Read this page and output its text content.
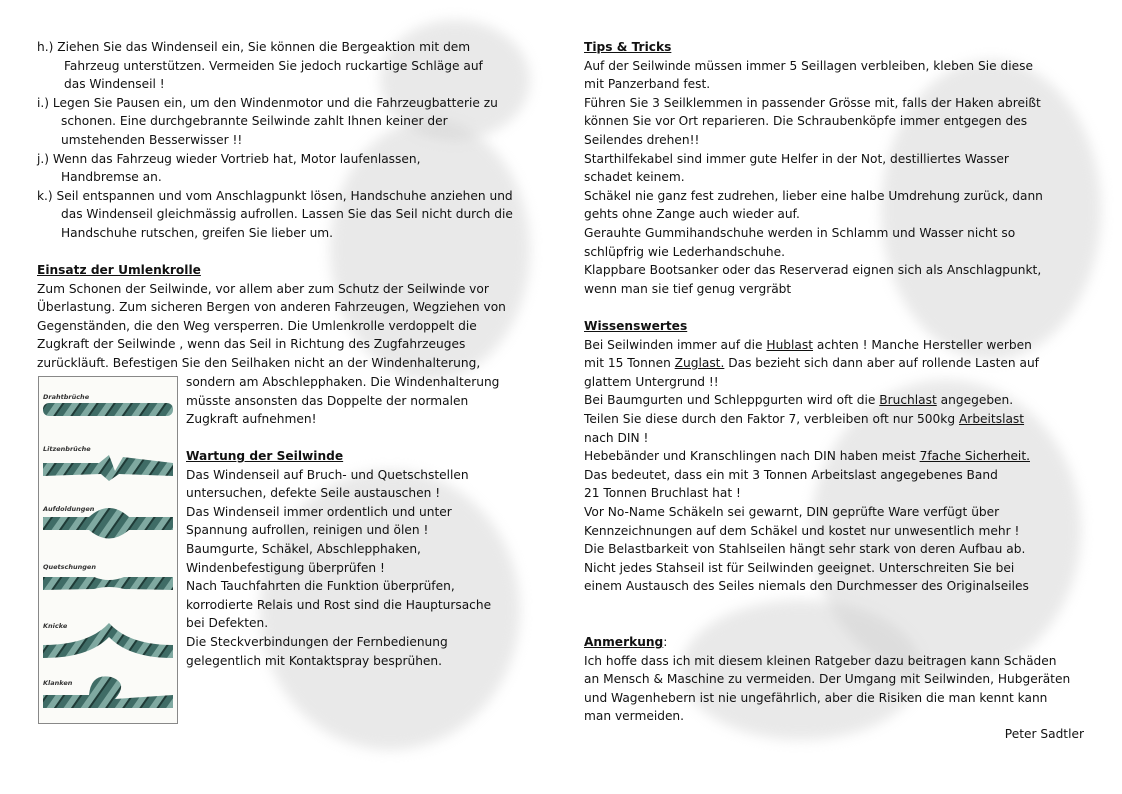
h.) Ziehen Sie das Windenseil ein, Sie können die Bergeaktion mit dem
Fahrzeug unterstützen. Vermeiden Sie jedoch ruckartige Schläge auf
das Windenseil !
i.) Legen Sie Pausen ein, um den Windenmotor und die Fahrzeugbatterie zu
schonen. Eine durchgebrannte Seilwinde zahlt Ihnen keiner der
umstehenden Besserwisser !!
j.) Wenn das Fahrzeug wieder Vortrieb hat, Motor laufenlassen,
Handbremse an.
k.) Seil entspannen und vom Anschlagpunkt lösen, Handschuhe anziehen und
das Windenseil gleichmässig aufrollen. Lassen Sie das Seil nicht durch die
Handschuhe rutschen, greifen Sie lieber um.
Einsatz der Umlenkrolle
Zum Schonen der Seilwinde, vor allem aber zum Schutz der Seilwinde vor
Überlastung. Zum sicheren Bergen von anderen Fahrzeugen, Wegziehen von
Gegenständen, die den Weg versperren. Die Umlenkrolle verdoppelt die
Zugkraft der Seilwinde , wenn das Seil in Richtung des Zugfahrzeuges
zurückläuft. Befestigen Sie den Seilhaken nicht an der Windenhalterung,
sondern am Abschlepphaken. Die Windenhalterung
müsste ansonsten das Doppelte der normalen
Zugkraft aufnehmen!
Wartung der Seilwinde
Das Windenseil auf Bruch- und Quetschstellen
untersuchen, defekte Seile austauschen !
Das Windenseil immer ordentlich und unter
Spannung aufrollen, reinigen und ölen !
Baumgurte, Schäkel, Abschlepphaken,
Windenbefestigung überprüfen !
Nach Tauchfahrten die Funktion überprüfen,
korrodierte Relais und Rost sind die Hauptursache
bei Defekten.
Die Steckverbindungen der Fernbedienung
gelegentlich mit Kontaktspray besprühen.
Drahtbrüche
Litzenbrüche
Aufdoldungen
Quetschungen
Knicke
Klanken
Tips & Tricks
Auf der Seilwinde müssen immer 5 Seillagen verbleiben, kleben Sie diese
mit Panzerband fest.
Führen Sie 3 Seilklemmen in passender Grösse mit, falls der Haken abreißt
können Sie vor Ort reparieren. Die Schraubenköpfe immer entgegen des
Seilendes drehen!!
Starthilfekabel sind immer gute Helfer in der Not, destilliertes Wasser
schadet keinem.
Schäkel nie ganz fest zudrehen, lieber eine halbe Umdrehung zurück, dann
gehts ohne Zange auch wieder auf.
Gerauhte Gummihandschuhe werden in Schlamm und Wasser nicht so
schlüpfrig wie Lederhandschuhe.
Klappbare Bootsanker oder das Reserverad eignen sich als Anschlagpunkt,
wenn man sie tief genug vergräbt
Wissenswertes
Bei Seilwinden immer auf die Hublast achten ! Manche Hersteller werben
mit 15 Tonnen Zuglast. Das bezieht sich dann aber auf rollende Lasten auf
glattem Untergrund !!
Bei Baumgurten und Schleppgurten wird oft die Bruchlast angegeben.
Teilen Sie diese durch den Faktor 7, verbleiben oft nur 500kg Arbeitslast
nach DIN !
Hebebänder und Kranschlingen nach DIN haben meist 7fache Sicherheit.
Das bedeutet, dass ein mit 3 Tonnen Arbeitslast angegebenes Band
21 Tonnen Bruchlast hat !
Vor No-Name Schäkeln sei gewarnt, DIN geprüfte Ware verfügt über
Kennzeichnungen auf dem Schäkel und kostet nur unwesentlich mehr !
Die Belastbarkeit von Stahlseilen hängt sehr stark von deren Aufbau ab.
Nicht jedes Stahseil ist für Seilwinden geeignet. Unterschreiten Sie bei
einem Austausch des Seiles niemals den Durchmesser des Originalseiles
Anmerkung:
Ich hoffe dass ich mit diesem kleinen Ratgeber dazu beitragen kann Schäden
an Mensch & Maschine zu vermeiden. Der Umgang mit Seilwinden, Hubgeräten
und Wagenhebern ist nie ungefährlich, aber die Risiken die man kennt kann
man vermeiden.
Peter Sadtler
